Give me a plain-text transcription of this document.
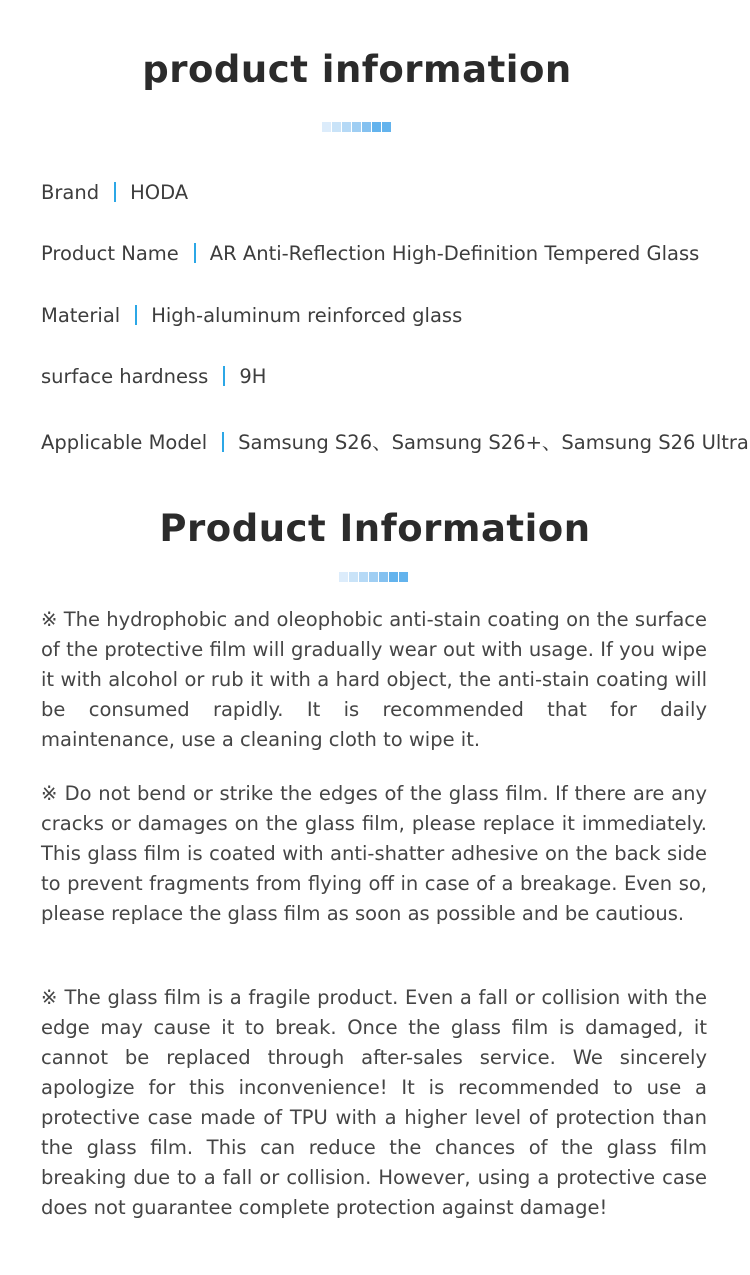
product information
Brand HODA
Product Name AR Anti-Reflection High-Definition Tempered Glass
Material High-aluminum reinforced glass
surface hardness 9H
Applicable Model Samsung S26、Samsung S26+、Samsung S26 Ultra
Product Information

※ The hydrophobic and oleophobic anti-stain coating on the surface of the protective film will gradually wear out with usage. If you wipe it with alcohol or rub it with a hard object, the anti-stain coating will be consumed rapidly. It is recommended that for daily maintenance, use a cleaning cloth to wipe it.

※ Do not bend or strike the edges of the glass film. If there are any cracks or damages on the glass film, please replace it immediately. This glass film is coated with anti-shatter adhesive on the back side to prevent fragments from flying off in case of a breakage. Even so, please replace the glass film as soon as possible and be cautious.

※ The glass film is a fragile product. Even a fall or collision with the edge may cause it to break. Once the glass film is damaged, it cannot be replaced through after-sales service. We sincerely apologize for this inconvenience! It is recommended to use a protective case made of TPU with a higher level of protection than the glass film. This can reduce the chances of the glass film breaking due to a fall or collision. However, using a protective case does not guarantee complete protection against damage!
